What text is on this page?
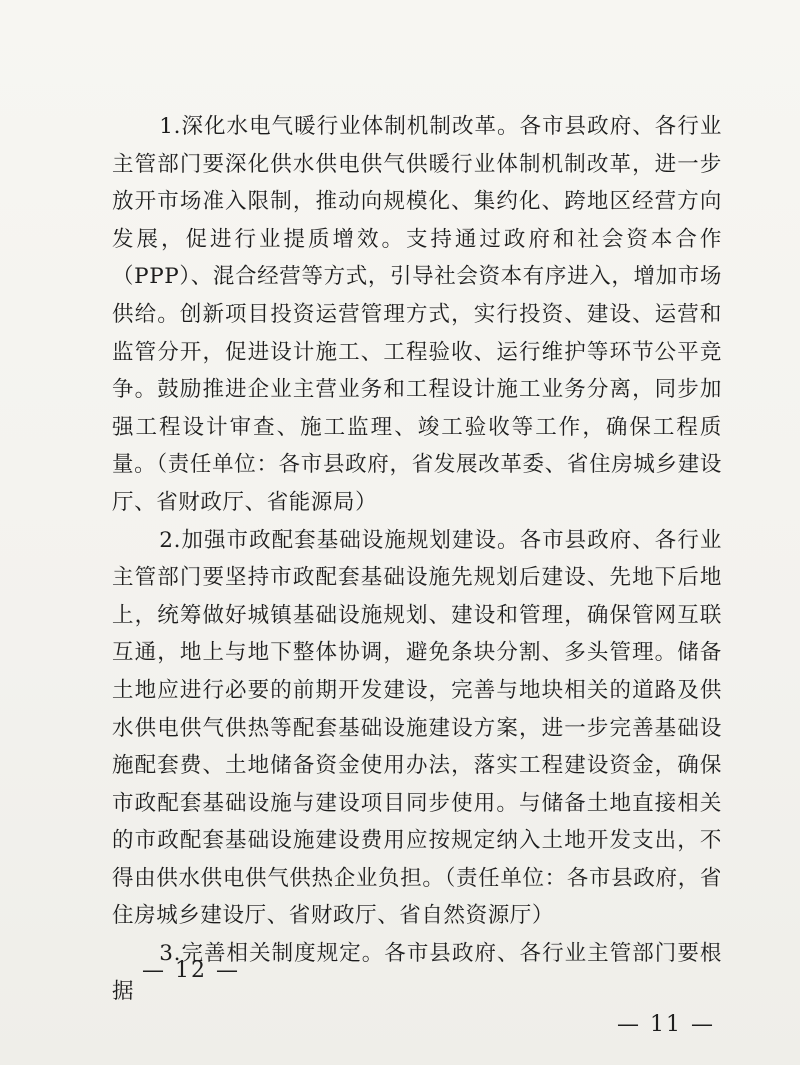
1.深化水电气暖行业体制机制改革。各市县政府、各行业主管部门要深化供水供电供气供暖行业体制机制改革，进一步放开市场准入限制，推动向规模化、集约化、跨地区经营方向发展，促进行业提质增效。支持通过政府和社会资本合作（PPP）、混合经营等方式，引导社会资本有序进入，增加市场供给。创新项目投资运营管理方式，实行投资、建设、运营和监管分开，促进设计施工、工程验收、运行维护等环节公平竞争。鼓励推进企业主营业务和工程设计施工业务分离，同步加强工程设计审查、施工监理、竣工验收等工作，确保工程质量。（责任单位：各市县政府，省发展改革委、省住房城乡建设厅、省财政厅、省能源局）

2.加强市政配套基础设施规划建设。各市县政府、各行业主管部门要坚持市政配套基础设施先规划后建设、先地下后地上，统筹做好城镇基础设施规划、建设和管理，确保管网互联互通，地上与地下整体协调，避免条块分割、多头管理。储备土地应进行必要的前期开发建设，完善与地块相关的道路及供水供电供气供热等配套基础设施建设方案，进一步完善基础设施配套费、土地储备资金使用办法，落实工程建设资金，确保市政配套基础设施与建设项目同步使用。与储备土地直接相关的市政配套基础设施建设费用应按规定纳入土地开发支出，不得由供水供电供气供热企业负担。（责任单位：各市县政府，省住房城乡建设厅、省财政厅、省自然资源厅）

3.完善相关制度规定。各市县政府、各行业主管部门要根据

— 12 —
— 11 —
